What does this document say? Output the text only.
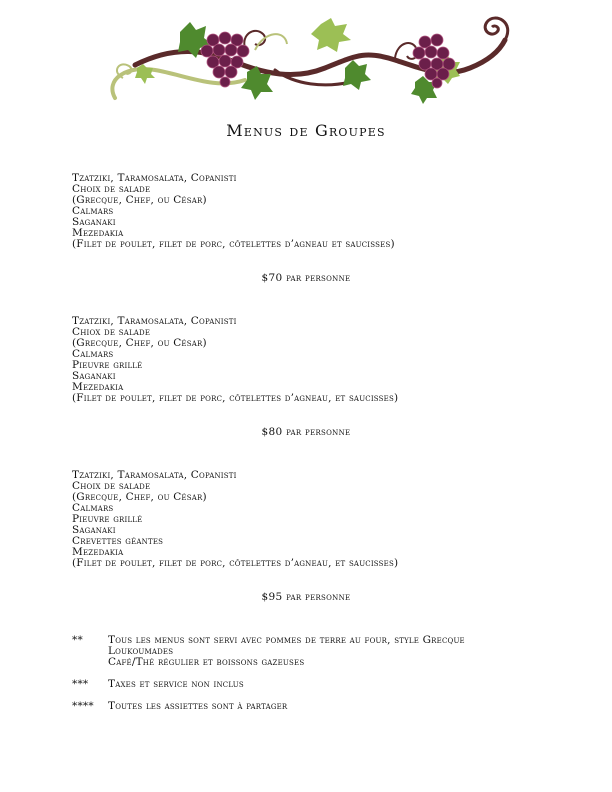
Menus de Groupes
Tzatziki, Taramosalata, Copanisti
Choix de salade
(Grecque, Chef, ou César)
Calmars
Saganaki
Mezedakia
(Filet de poulet, filet de porc, côtelettes d’agneau et saucisses)
$70 par personne
Tzatziki, Taramosalata, Copanisti
Chiox de salade
(Grecque, Chef, ou César)
Calmars
Pieuvre grillé
Saganaki
Mezedakia
(Filet de poulet, filet de porc, côtelettes d’agneau, et saucisses)
$80 par personne
Tzatziki, Taramosalata, Copanisti
Choix de salade
(Grecque, Chef, ou César)
Calmars
Pieuvre grillé
Saganaki
Crevettes géantes
Mezedakia
(Filet de poulet, filet de porc, côtelettes d’agneau, et saucisses)
$95 par personne
** Tous les menus sont servi avec pommes de terre au four, style Grecque
Loukoumades
Café/Thé régulier et boissons gazeuses
*** Taxes et service non inclus
**** Toutes les assiettes sont à partager
